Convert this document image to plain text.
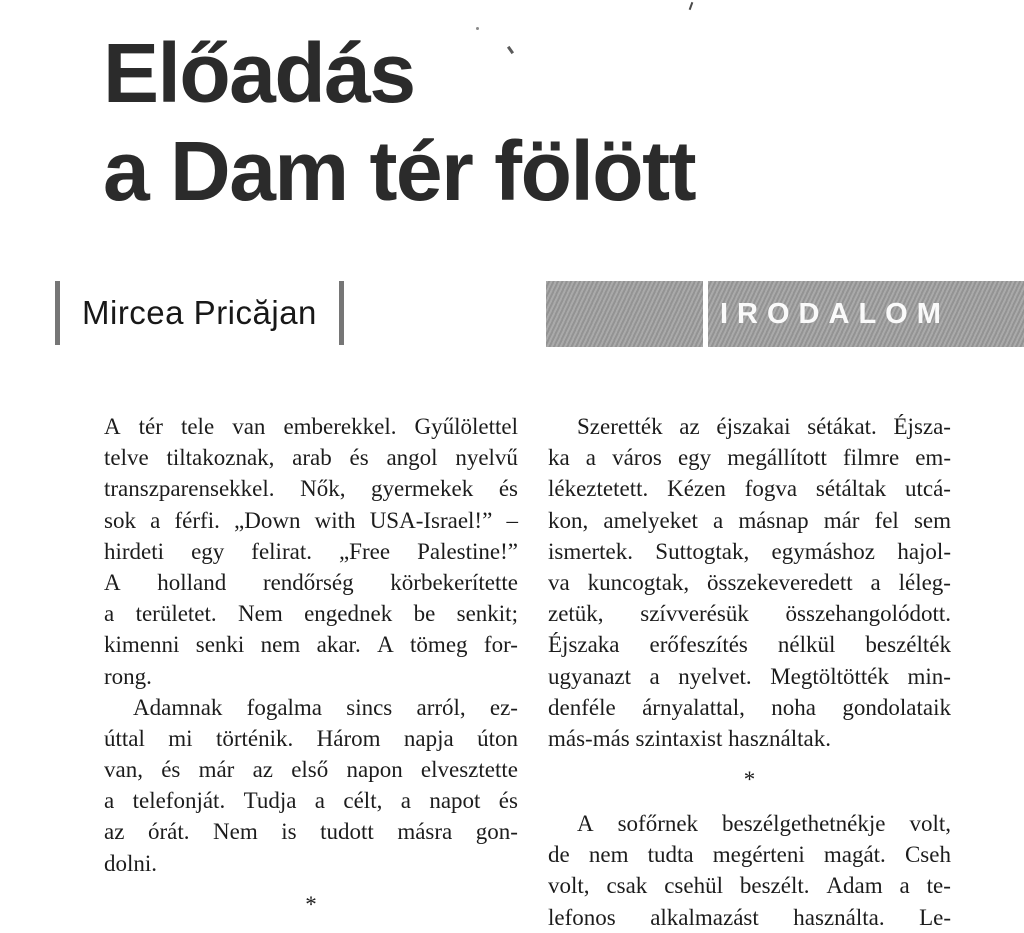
Előadás
a Dam tér fölött
Mircea Pricăjan	IRODALOM
A tér tele van emberekkel. Gyűlölettel
telve tiltakoznak, arab és angol nyelvű
transzparensekkel. Nők, gyermekek és
sok a férfi. „Down with USA-Israel!” –
hirdeti egy felirat. „Free Palestine!”
A holland rendőrség körbekerítette
a területet. Nem engednek be senkit;
kimenni senki nem akar. A tömeg for-
rong.
Adamnak fogalma sincs arról, ez-
úttal mi történik. Három napja úton
van, és már az első napon elvesztette
a telefonját. Tudja a célt, a napot és
az órát. Nem is tudott másra gon-
dolni.
*
Szerették az éjszakai sétákat. Éjsza-
ka a város egy megállított filmre em-
lékeztetett. Kézen fogva sétáltak utcá-
kon, amelyeket a másnap már fel sem
ismertek. Suttogtak, egymáshoz hajol-
va kuncogtak, összekeveredett a léleg-
zetük, szívverésük összehangolódott.
Éjszaka erőfeszítés nélkül beszélték
ugyanazt a nyelvet. Megtöltötték min-
denféle árnyalattal, noha gondolataik
más-más szintaxist használtak.
*
A sofőrnek beszélgethetnékje volt,
de nem tudta megérteni magát. Cseh
volt, csak csehül beszélt. Adam a te-
lefonos alkalmazást használta. Le-
